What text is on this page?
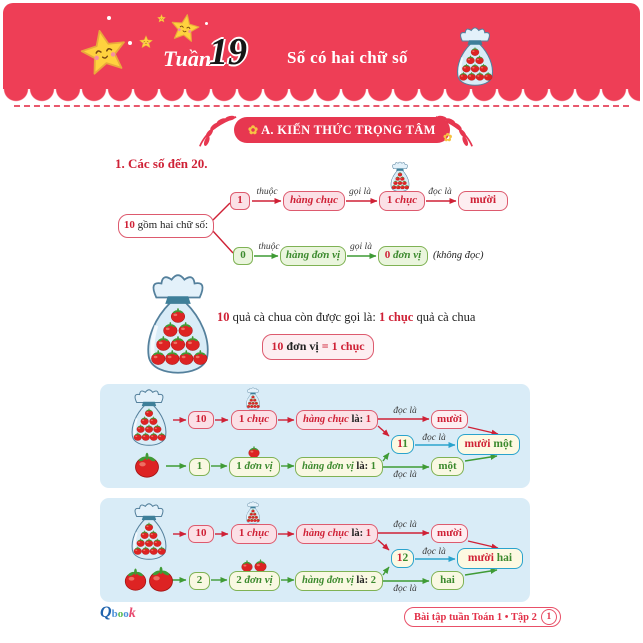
Tuần
19 Số có hai chữ số
✿ A. KIẾN THỨC TRỌNG TÂM
✿
1. Các số đến 20.
10 gồm hai chữ số:
1
thuộc
hàng chục
gọi là
1 chục
đọc là
mười
0
thuộc
hàng đơn vị
gọi là
0 đơn vị	(không đọc)
10 quả cà chua còn được gọi là: 1 chục quả cà chua
10 đơn vị = 1 chục
10	1 chục	hàng chục là: 1
đọc là
mười
11	đọc là	mười một
1	1 đơn vị	hàng đơn vị là: 1
đọc là
một
10	1 chục	hàng chục là: 1
đọc là
mười
12	đọc là	mười hai
2	2 đơn vị	hàng đơn vị là: 2
đọc là
hai
Qbook	Bài tập tuần Toán 1 • Tập 2	1
